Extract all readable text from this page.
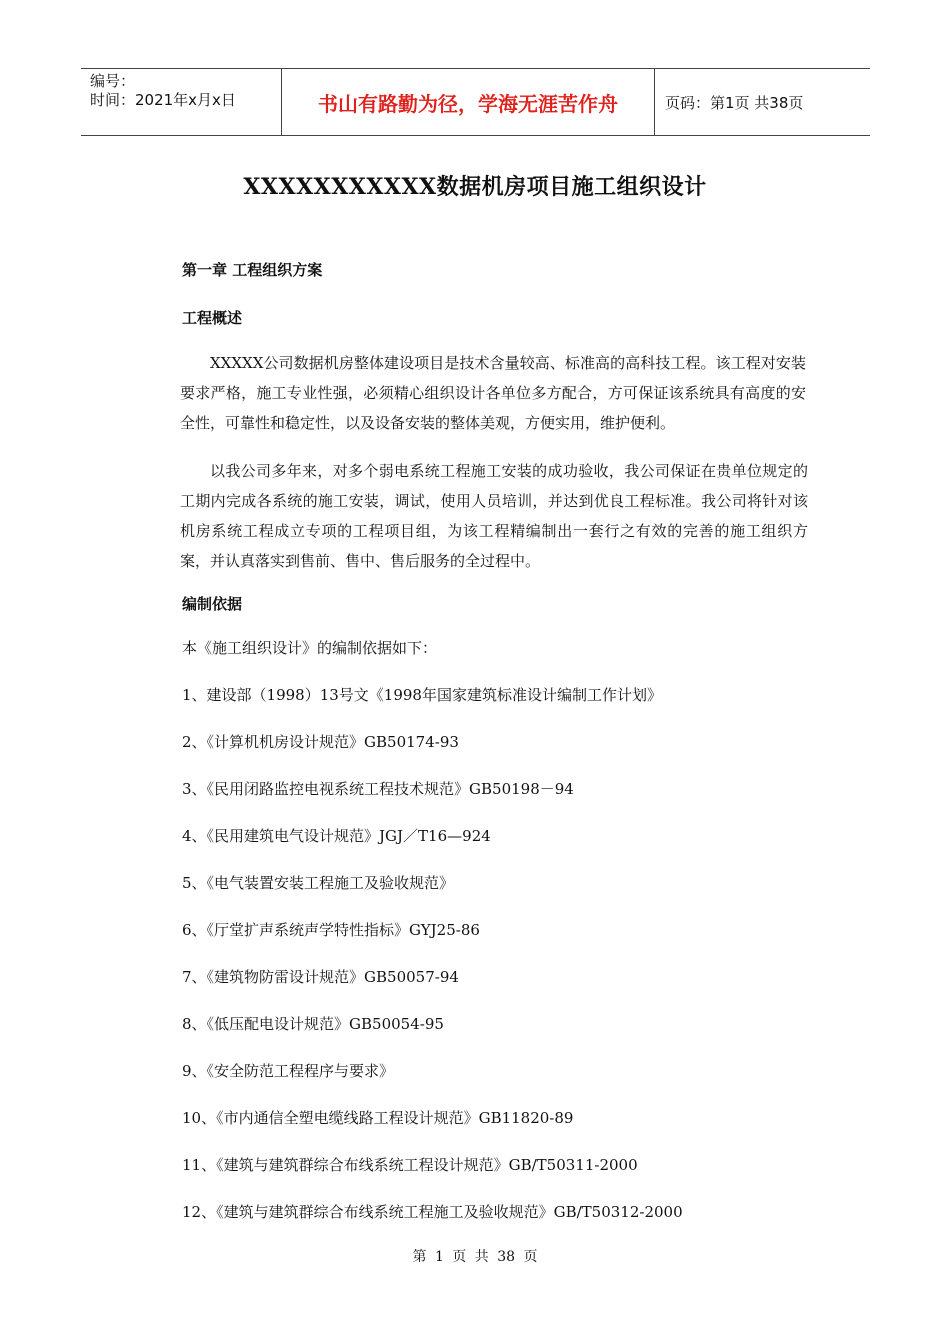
编号：
时间：2021年x月x日	书山有路勤为径，学海无涯苦作舟	页码：第1页 共38页
XXXXXXXXXXX数据机房项目施工组织设计
第一章 工程组织方案
工程概述
XXXXX公司数据机房整体建设项目是技术含量较高、标准高的高科技工程。该工程对安装要求严格，施工专业性强，必须精心组织设计各单位多方配合，方可保证该系统具有高度的安全性，可靠性和稳定性，以及设备安装的整体美观，方便实用，维护便利。
以我公司多年来，对多个弱电系统工程施工安装的成功验收，我公司保证在贵单位规定的工期内完成各系统的施工安装，调试，使用人员培训，并达到优良工程标准。我公司将针对该机房系统工程成立专项的工程项目组，为该工程精编制出一套行之有效的完善的施工组织方案，并认真落实到售前、售中、售后服务的全过程中。
编制依据
本《施工组织设计》的编制依据如下：
1、建设部（1998）13号文《1998年国家建筑标准设计编制工作计划》
2、《计算机机房设计规范》GB50174-93
3、《民用闭路监控电视系统工程技术规范》GB50198－94
4、《民用建筑电气设计规范》JGJ／T16—924
5、《电气装置安装工程施工及验收规范》
6、《厅堂扩声系统声学特性指标》GYJ25-86
7、《建筑物防雷设计规范》GB50057-94
8、《低压配电设计规范》GB50054-95
9、《安全防范工程程序与要求》
10、《市内通信全塑电缆线路工程设计规范》GB11820-89
11、《建筑与建筑群综合布线系统工程设计规范》GB/T50311-2000
12、《建筑与建筑群综合布线系统工程施工及验收规范》GB/T50312-2000
第 1 页 共 38 页
